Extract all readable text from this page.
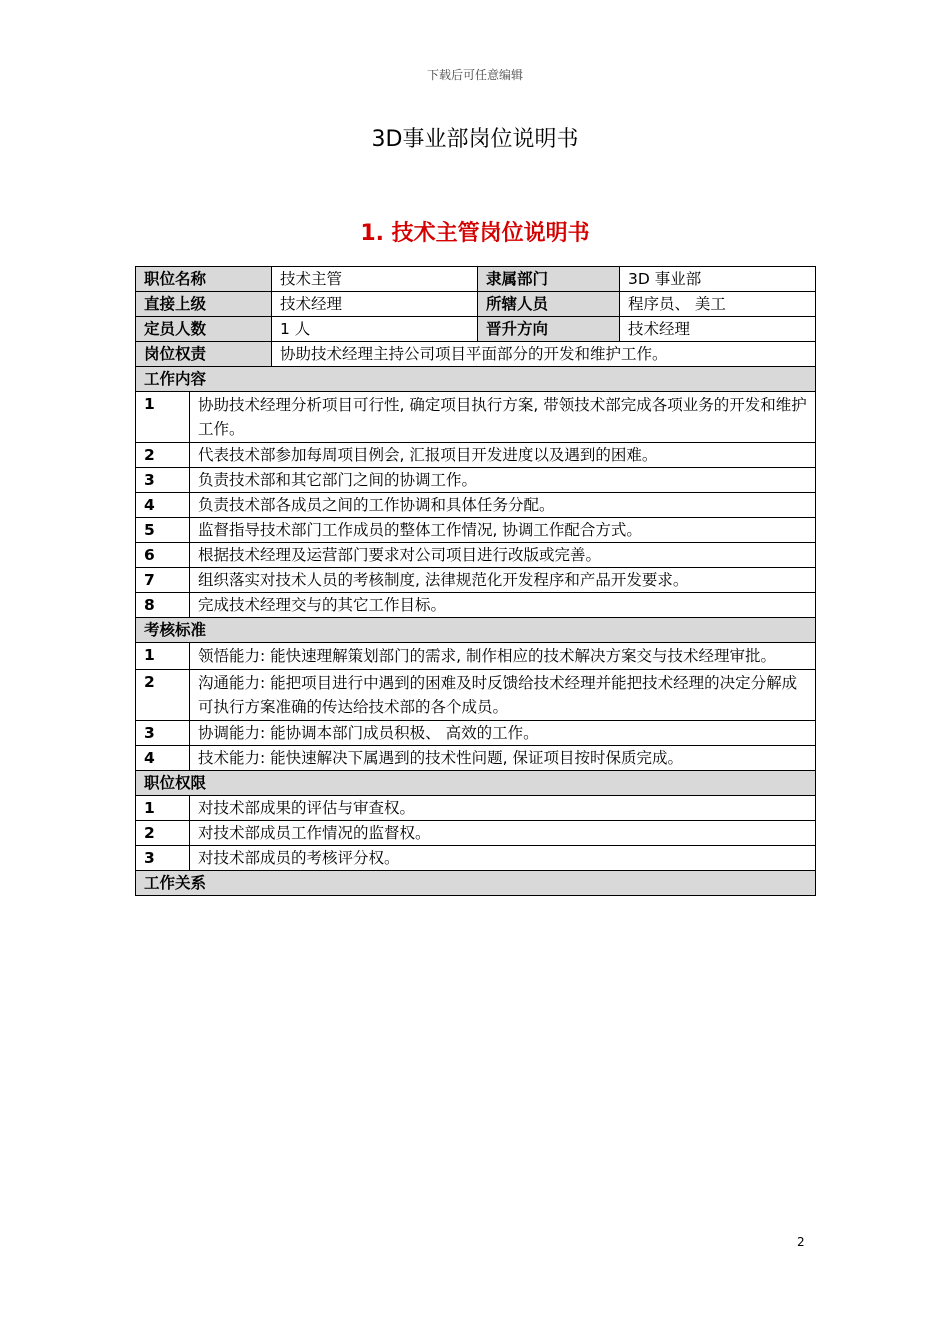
下载后可任意编辑
3D事业部岗位说明书
1. 技术主管岗位说明书
职位名称	技术主管	隶属部门	3D 事业部
直接上级	技术经理	所辖人员	程序员、 美工
定员人数	1 人	晋升方向	技术经理
岗位权责	协助技术经理主持公司项目平面部分的开发和维护工作。
工作内容
1	协助技术经理分析项目可行性, 确定项目执行方案, 带领技术部完成各项业务的开发和维护工作。
2	代表技术部参加每周项目例会, 汇报项目开发进度以及遇到的困难。
3	负责技术部和其它部门之间的协调工作。
4	负责技术部各成员之间的工作协调和具体任务分配。
5	监督指导技术部门工作成员的整体工作情况, 协调工作配合方式。
6	根据技术经理及运营部门要求对公司项目进行改版或完善。
7	组织落实对技术人员的考核制度, 法律规范化开发程序和产品开发要求。
8	完成技术经理交与的其它工作目标。
考核标准
1	领悟能力: 能快速理解策划部门的需求, 制作相应的技术解决方案交与技术经理审批。
2	沟通能力: 能把项目进行中遇到的困难及时反馈给技术经理并能把技术经理的决定分解成可执行方案准确的传达给技术部的各个成员。
3	协调能力: 能协调本部门成员积极、 高效的工作。
4	技术能力: 能快速解决下属遇到的技术性问题, 保证项目按时保质完成。
职位权限
1	对技术部成果的评估与审查权。
2	对技术部成员工作情况的监督权。
3	对技术部成员的考核评分权。
工作关系
2
